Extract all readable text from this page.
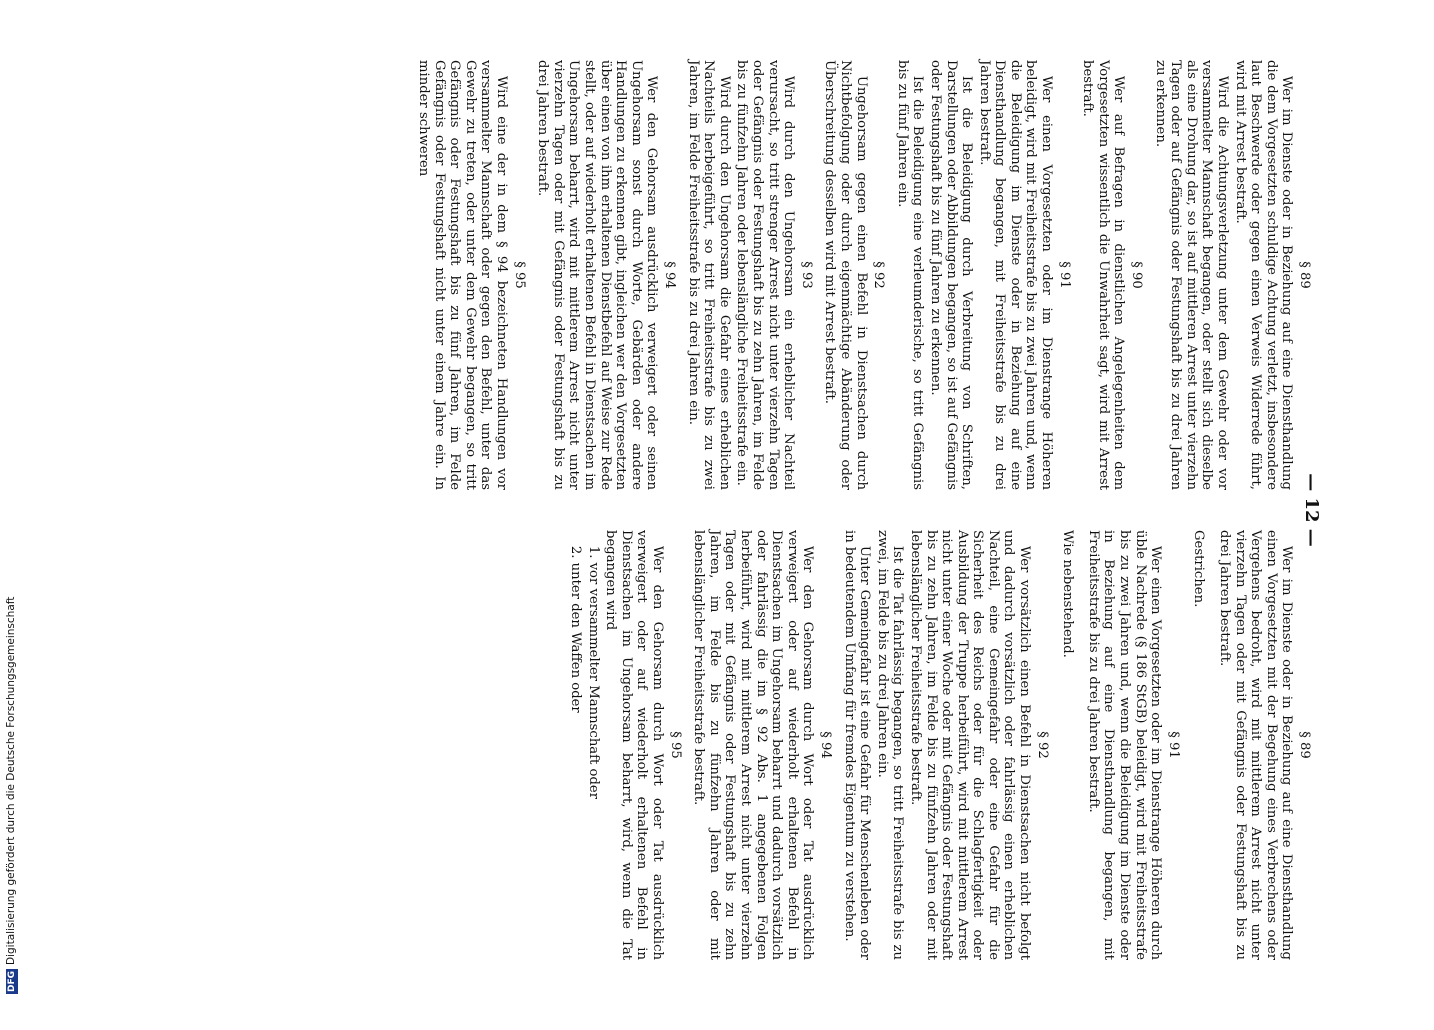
— 12 —
§ 89

Wer im Dienste oder in Beziehung auf eine Diensthandlung die dem Vorgesetzten schuldige Achtung verletzt, insbesondere laut Beschwerde oder gegen einen Verweis Widerrede führt, wird mit Arrest bestraft.

Wird die Achtungsverletzung unter dem Gewehr oder vor versammelter Mannschaft begangen, oder stellt sich dieselbe als eine Drohung dar, so ist auf mittleren Arrest unter vierzehn Tagen oder auf Gefängnis oder Festungshaft bis zu drei Jahren zu erkennen.

§ 90

Wer auf Befragen in dienstlichen Angelegenheiten dem Vorgesetzten wissentlich die Unwahrheit sagt, wird mit Arrest bestraft.

§ 91

Wer einen Vorgesetzten oder im Dienstrange Höheren beleidigt, wird mit Freiheitsstrafe bis zu zwei Jahren und, wenn die Beleidigung im Dienste oder in Beziehung auf eine Diensthandlung begangen, mit Freiheitsstrafe bis zu drei Jahren bestraft.

Ist die Beleidigung durch Verbreitung von Schriften, Darstellungen oder Abbildungen begangen, so ist auf Gefängnis oder Festungshaft bis zu fünf Jahren zu erkennen.

Ist die Beleidigung eine verleumderische, so tritt Gefängnis bis zu fünf Jahren ein.

§ 92

Ungehorsam gegen einen Befehl in Dienstsachen durch Nichtbefolgung oder durch eigenmächtige Abänderung oder Überschreitung desselben wird mit Arrest bestraft.

§ 93

Wird durch den Ungehorsam ein erheblicher Nachteil verursacht, so tritt strenger Arrest nicht unter vierzehn Tagen oder Gefängnis oder Festungshaft bis zu zehn Jahren, im Felde bis zu fünfzehn Jahren oder lebenslängliche Freiheitsstrafe ein.

Wird durch den Ungehorsam die Gefahr eines erheblichen Nachteils herbeigeführt, so tritt Freiheitsstrafe bis zu zwei Jahren, im Felde Freiheitsstrafe bis zu drei Jahren ein.

§ 94

Wer den Gehorsam ausdrücklich verweigert oder seinen Ungehorsam sonst durch Worte, Gebärden oder andere Handlungen zu erkennen gibt, ingleichen wer den Vorgesetzten über einen von ihm erhaltenen Dienstbefehl auf Weise zur Rede stellt, oder auf wiederholt erhaltenen Befehl in Dienstsachen im Ungehorsam beharrt, wird mit mittlerem Arrest nicht unter vierzehn Tagen oder mit Gefängnis oder Festungshaft bis zu drei Jahren bestraft.

§ 95

Wird eine der in dem § 94 bezeichneten Handlungen vor versammelter Mannschaft oder gegen den Befehl, unter das Gewehr zu treten, oder unter dem Gewehr begangen, so tritt Gefängnis oder Festungshaft bis zu fünf Jahren, im Felde Gefängnis oder Festungshaft nicht unter einem Jahre ein. In minder schweren

§ 89

Wer im Dienste oder in Beziehung auf eine Diensthandlung einen Vorgesetzten mit der Begehung eines Verbrechens oder Vergehens bedroht, wird mit mittlerem Arrest nicht unter vierzehn Tagen oder mit Gefängnis oder Festungshaft bis zu drei Jahren bestraft.

Gestrichen.
§ 91

Wer einen Vorgesetzten oder im Dienstrange Höheren durch üble Nachrede (§ 186 StGB) beleidigt, wird mit Freiheitsstrafe bis zu zwei Jahren und, wenn die Beleidigung im Dienste oder in Beziehung auf eine Diensthandlung begangen, mit Freiheitsstrafe bis zu drei Jahren bestraft.

Wie nebenstehend.
§ 92

Wer vorsätzlich einen Befehl in Dienstsachen nicht befolgt und dadurch vorsätzlich oder fahrlässig einen erheblichen Nachteil, eine Gemeingefahr oder eine Gefahr für die Sicherheit des Reichs oder für die Schlagfertigkeit oder Ausbildung der Truppe herbeiführt, wird mit mittlerem Arrest nicht unter einer Woche oder mit Gefängnis oder Festungshaft bis zu zehn Jahren, im Felde bis zu fünfzehn Jahren oder mit lebenslänglicher Freiheitsstrafe bestraft.

Ist die Tat fahrlässig begangen, so tritt Freiheitsstrafe bis zu zwei, im Felde bis zu drei Jahren ein.

Unter Gemeingefahr ist eine Gefahr für Menschenleben oder in bedeutendem Umfang für fremdes Eigentum zu verstehen.

§ 94

Wer den Gehorsam durch Wort oder Tat ausdrücklich verweigert oder auf wiederholt erhaltenen Befehl in Dienstsachen im Ungehorsam beharrt und dadurch vorsätzlich oder fahrlässig die im § 92 Abs. 1 angegebenen Folgen herbeiführt, wird mit mittlerem Arrest nicht unter vierzehn Tagen oder mit Gefängnis oder Festungshaft bis zu zehn Jahren, im Felde bis zu fünfzehn Jahren oder mit lebenslänglicher Freiheitsstrafe bestraft.

§ 95

Wer den Gehorsam durch Wort oder Tat ausdrücklich verweigert oder auf wiederholt erhaltenen Befehl in Dienstsachen im Ungehorsam beharrt, wird, wenn die Tat begangen wird

1. vor versammelter Mannschaft oder

2. unter den Waffen oder

DFGDigitalisierung gefördert durch die Deutsche Forschungsgemeinschaft
